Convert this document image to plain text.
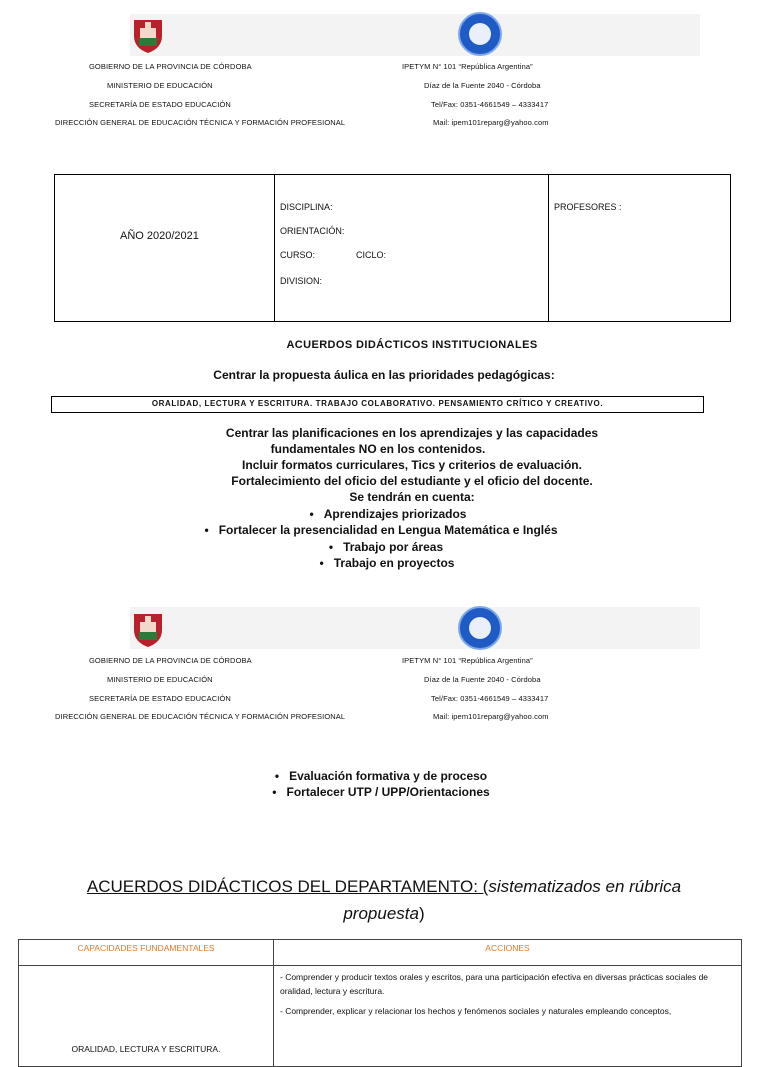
GOBIERNO DE LA PROVINCIA DE CÓRDOBA
MINISTERIO DE EDUCACIÓN
SECRETARÍA DE ESTADO EDUCACIÓN
DIRECCIÓN GENERAL DE EDUCACIÓN TÉCNICA Y FORMACIÓN PROFESIONAL
IPETYM N° 101 “República Argentina”
Díaz de la Fuente 2040 - Córdoba
Tel/Fax: 0351-4661549 – 4333417
Mail: ipem101reparg@yahoo.com
AÑO 2020/2021
DISCIPLINA:
ORIENTACIÓN:
CURSO:	CICLO:
DIVISION:
PROFESORES :
ACUERDOS DIDÁCTICOS INSTITUCIONALES
Centrar la propuesta áulica en las prioridades pedagógicas:
ORALIDAD, LECTURA Y ESCRITURA. TRABAJO COLABORATIVO. PENSAMIENTO CRÍTICO Y CREATIVO.
Centrar las planificaciones en los aprendizajes y las capacidades
fundamentales NO en los contenidos.
Incluir formatos curriculares, Tics y criterios de evaluación.
Fortalecimiento del oficio del estudiante y el oficio del docente.
Se tendrán en cuenta:
•   Aprendizajes priorizados
•   Fortalecer la presencialidad en Lengua Matemática e Inglés
•   Trabajo por áreas
•   Trabajo en proyectos
GOBIERNO DE LA PROVINCIA DE CÓRDOBA
MINISTERIO DE EDUCACIÓN
SECRETARÍA DE ESTADO EDUCACIÓN
DIRECCIÓN GENERAL DE EDUCACIÓN TÉCNICA Y FORMACIÓN PROFESIONAL
IPETYM N° 101 “República Argentina”
Díaz de la Fuente 2040 - Córdoba
Tel/Fax: 0351-4661549 – 4333417
Mail: ipem101reparg@yahoo.com
•   Evaluación formativa y de proceso
•   Fortalecer UTP / UPP/Orientaciones
ACUERDOS DIDÁCTICOS DEL DEPARTAMENTO: (sistematizados en rúbrica
propuesta)
CAPACIDADES FUNDAMENTALES	ACCIONES

ORALIDAD, LECTURA Y ESCRITURA.	- Comprender y producir textos orales y escritos, para una participación efectiva en diversas prácticas sociales de oralidad, lectura y escritura.
- Comprender, explicar y relacionar los hechos y fenómenos sociales y naturales empleando conceptos,
